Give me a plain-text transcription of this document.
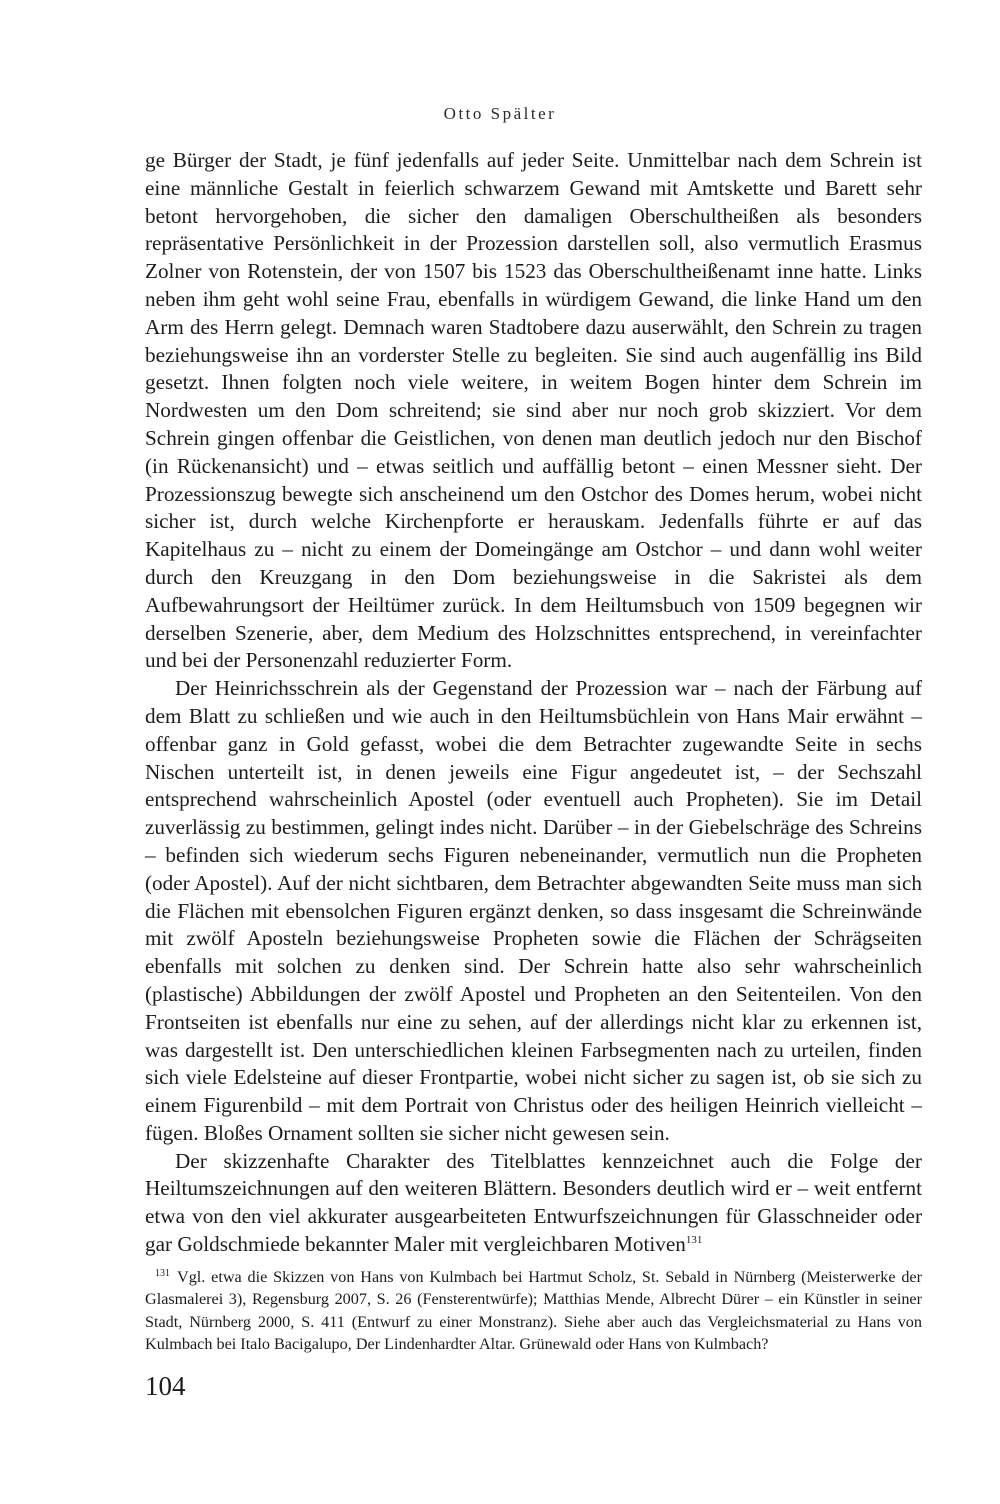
Otto Spälter

ge Bürger der Stadt, je fünf jedenfalls auf jeder Seite. Unmittelbar nach dem Schrein ist eine männliche Gestalt in feierlich schwarzem Gewand mit Amtskette und Barett sehr betont hervorgehoben, die sicher den damaligen Oberschultheißen als besonders repräsentative Persönlichkeit in der Prozession darstellen soll, also vermutlich Erasmus Zolner von Rotenstein, der von 1507 bis 1523 das Oberschultheißenamt inne hatte. Links neben ihm geht wohl seine Frau, ebenfalls in würdigem Gewand, die linke Hand um den Arm des Herrn gelegt. Demnach waren Stadtobere dazu auserwählt, den Schrein zu tragen beziehungsweise ihn an vorderster Stelle zu begleiten. Sie sind auch augenfällig ins Bild gesetzt. Ihnen folgten noch viele weitere, in weitem Bogen hinter dem Schrein im Nordwesten um den Dom schreitend; sie sind aber nur noch grob skizziert. Vor dem Schrein gingen offenbar die Geistlichen, von denen man deutlich jedoch nur den Bischof (in Rückenansicht) und – etwas seitlich und auffällig betont – einen Messner sieht. Der Prozessionszug bewegte sich anscheinend um den Ostchor des Domes herum, wobei nicht sicher ist, durch welche Kirchenpforte er herauskam. Jedenfalls führte er auf das Kapitelhaus zu – nicht zu einem der Domeingänge am Ostchor – und dann wohl weiter durch den Kreuzgang in den Dom beziehungsweise in die Sakristei als dem Aufbewahrungsort der Heiltümer zurück. In dem Heiltumsbuch von 1509 begegnen wir derselben Szenerie, aber, dem Medium des Holzschnittes entsprechend, in vereinfachter und bei der Personenzahl reduzierter Form.

Der Heinrichsschrein als der Gegenstand der Prozession war – nach der Färbung auf dem Blatt zu schließen und wie auch in den Heiltumsbüchlein von Hans Mair erwähnt – offenbar ganz in Gold gefasst, wobei die dem Betrachter zugewandte Seite in sechs Nischen unterteilt ist, in denen jeweils eine Figur angedeutet ist, – der Sechszahl entsprechend wahrscheinlich Apostel (oder eventuell auch Propheten). Sie im Detail zuverlässig zu bestimmen, gelingt indes nicht. Darüber – in der Giebelschräge des Schreins – befinden sich wiederum sechs Figuren nebeneinander, vermutlich nun die Propheten (oder Apostel). Auf der nicht sichtbaren, dem Betrachter abgewandten Seite muss man sich die Flächen mit ebensolchen Figuren ergänzt denken, so dass insgesamt die Schreinwände mit zwölf Aposteln beziehungsweise Propheten sowie die Flächen der Schrägseiten ebenfalls mit solchen zu denken sind. Der Schrein hatte also sehr wahrscheinlich (plastische) Abbildungen der zwölf Apostel und Propheten an den Seitenteilen. Von den Frontseiten ist ebenfalls nur eine zu sehen, auf der allerdings nicht klar zu erkennen ist, was dargestellt ist. Den unterschiedlichen kleinen Farbsegmenten nach zu urteilen, finden sich viele Edelsteine auf dieser Frontpartie, wobei nicht sicher zu sagen ist, ob sie sich zu einem Figurenbild – mit dem Portrait von Christus oder des heiligen Heinrich vielleicht – fügen. Bloßes Ornament sollten sie sicher nicht gewesen sein.

Der skizzenhafte Charakter des Titelblattes kennzeichnet auch die Folge der Heiltumszeichnungen auf den weiteren Blättern. Besonders deutlich wird er – weit entfernt etwa von den viel akkurater ausgearbeiteten Entwurfszeichnungen für Glasschneider oder gar Goldschmiede bekannter Maler mit vergleichbaren Motiven$^{131}$

$^{131}$ Vgl. etwa die Skizzen von Hans von Kulmbach bei Hartmut Scholz, St. Sebald in Nürnberg (Meisterwerke der Glasmalerei 3), Regensburg 2007, S. 26 (Fensterentwürfe); Matthias Mende, Albrecht Dürer – ein Künstler in seiner Stadt, Nürnberg 2000, S. 411 (Entwurf zu einer Monstranz). Siehe aber auch das Vergleichsmaterial zu Hans von Kulmbach bei Italo Bacigalupo, Der Lindenhardter Altar. Grünewald oder Hans von Kulmbach?

104
